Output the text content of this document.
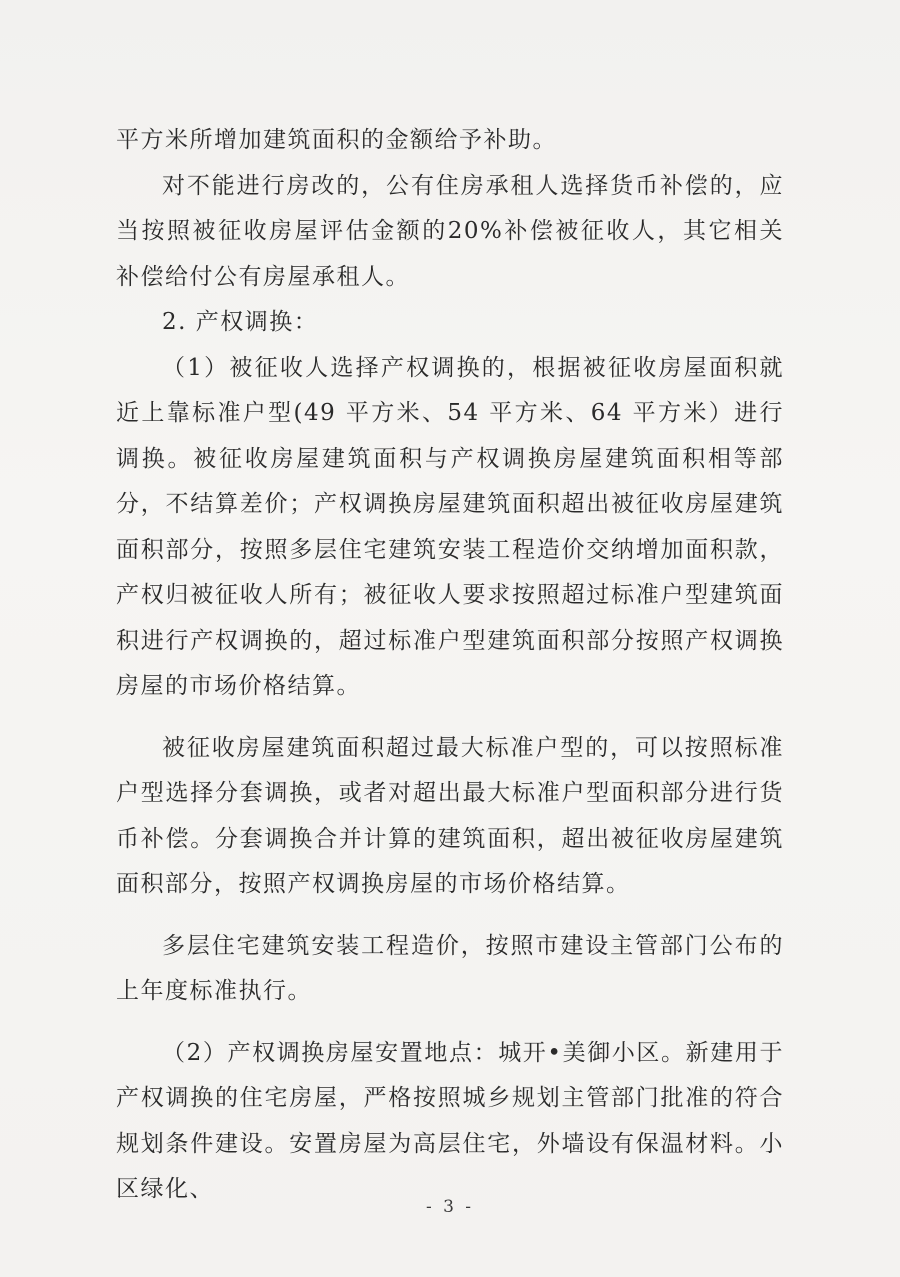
平方米所增加建筑面积的金额给予补助。

对不能进行房改的，公有住房承租人选择货币补偿的，应当按照被征收房屋评估金额的20%补偿被征收人，其它相关补偿给付公有房屋承租人。

2. 产权调换：

（1）被征收人选择产权调换的，根据被征收房屋面积就近上靠标准户型(49 平方米、54 平方米、64 平方米）进行调换。被征收房屋建筑面积与产权调换房屋建筑面积相等部分，不结算差价；产权调换房屋建筑面积超出被征收房屋建筑面积部分，按照多层住宅建筑安装工程造价交纳增加面积款，产权归被征收人所有；被征收人要求按照超过标准户型建筑面积进行产权调换的，超过标准户型建筑面积部分按照产权调换房屋的市场价格结算。

被征收房屋建筑面积超过最大标准户型的，可以按照标准户型选择分套调换，或者对超出最大标准户型面积部分进行货币补偿。分套调换合并计算的建筑面积，超出被征收房屋建筑面积部分，按照产权调换房屋的市场价格结算。

多层住宅建筑安装工程造价，按照市建设主管部门公布的上年度标准执行。

（2）产权调换房屋安置地点：城开•美御小区。新建用于产权调换的住宅房屋，严格按照城乡规划主管部门批准的符合规划条件建设。安置房屋为高层住宅，外墙设有保温材料。小区绿化、

- 3 -
